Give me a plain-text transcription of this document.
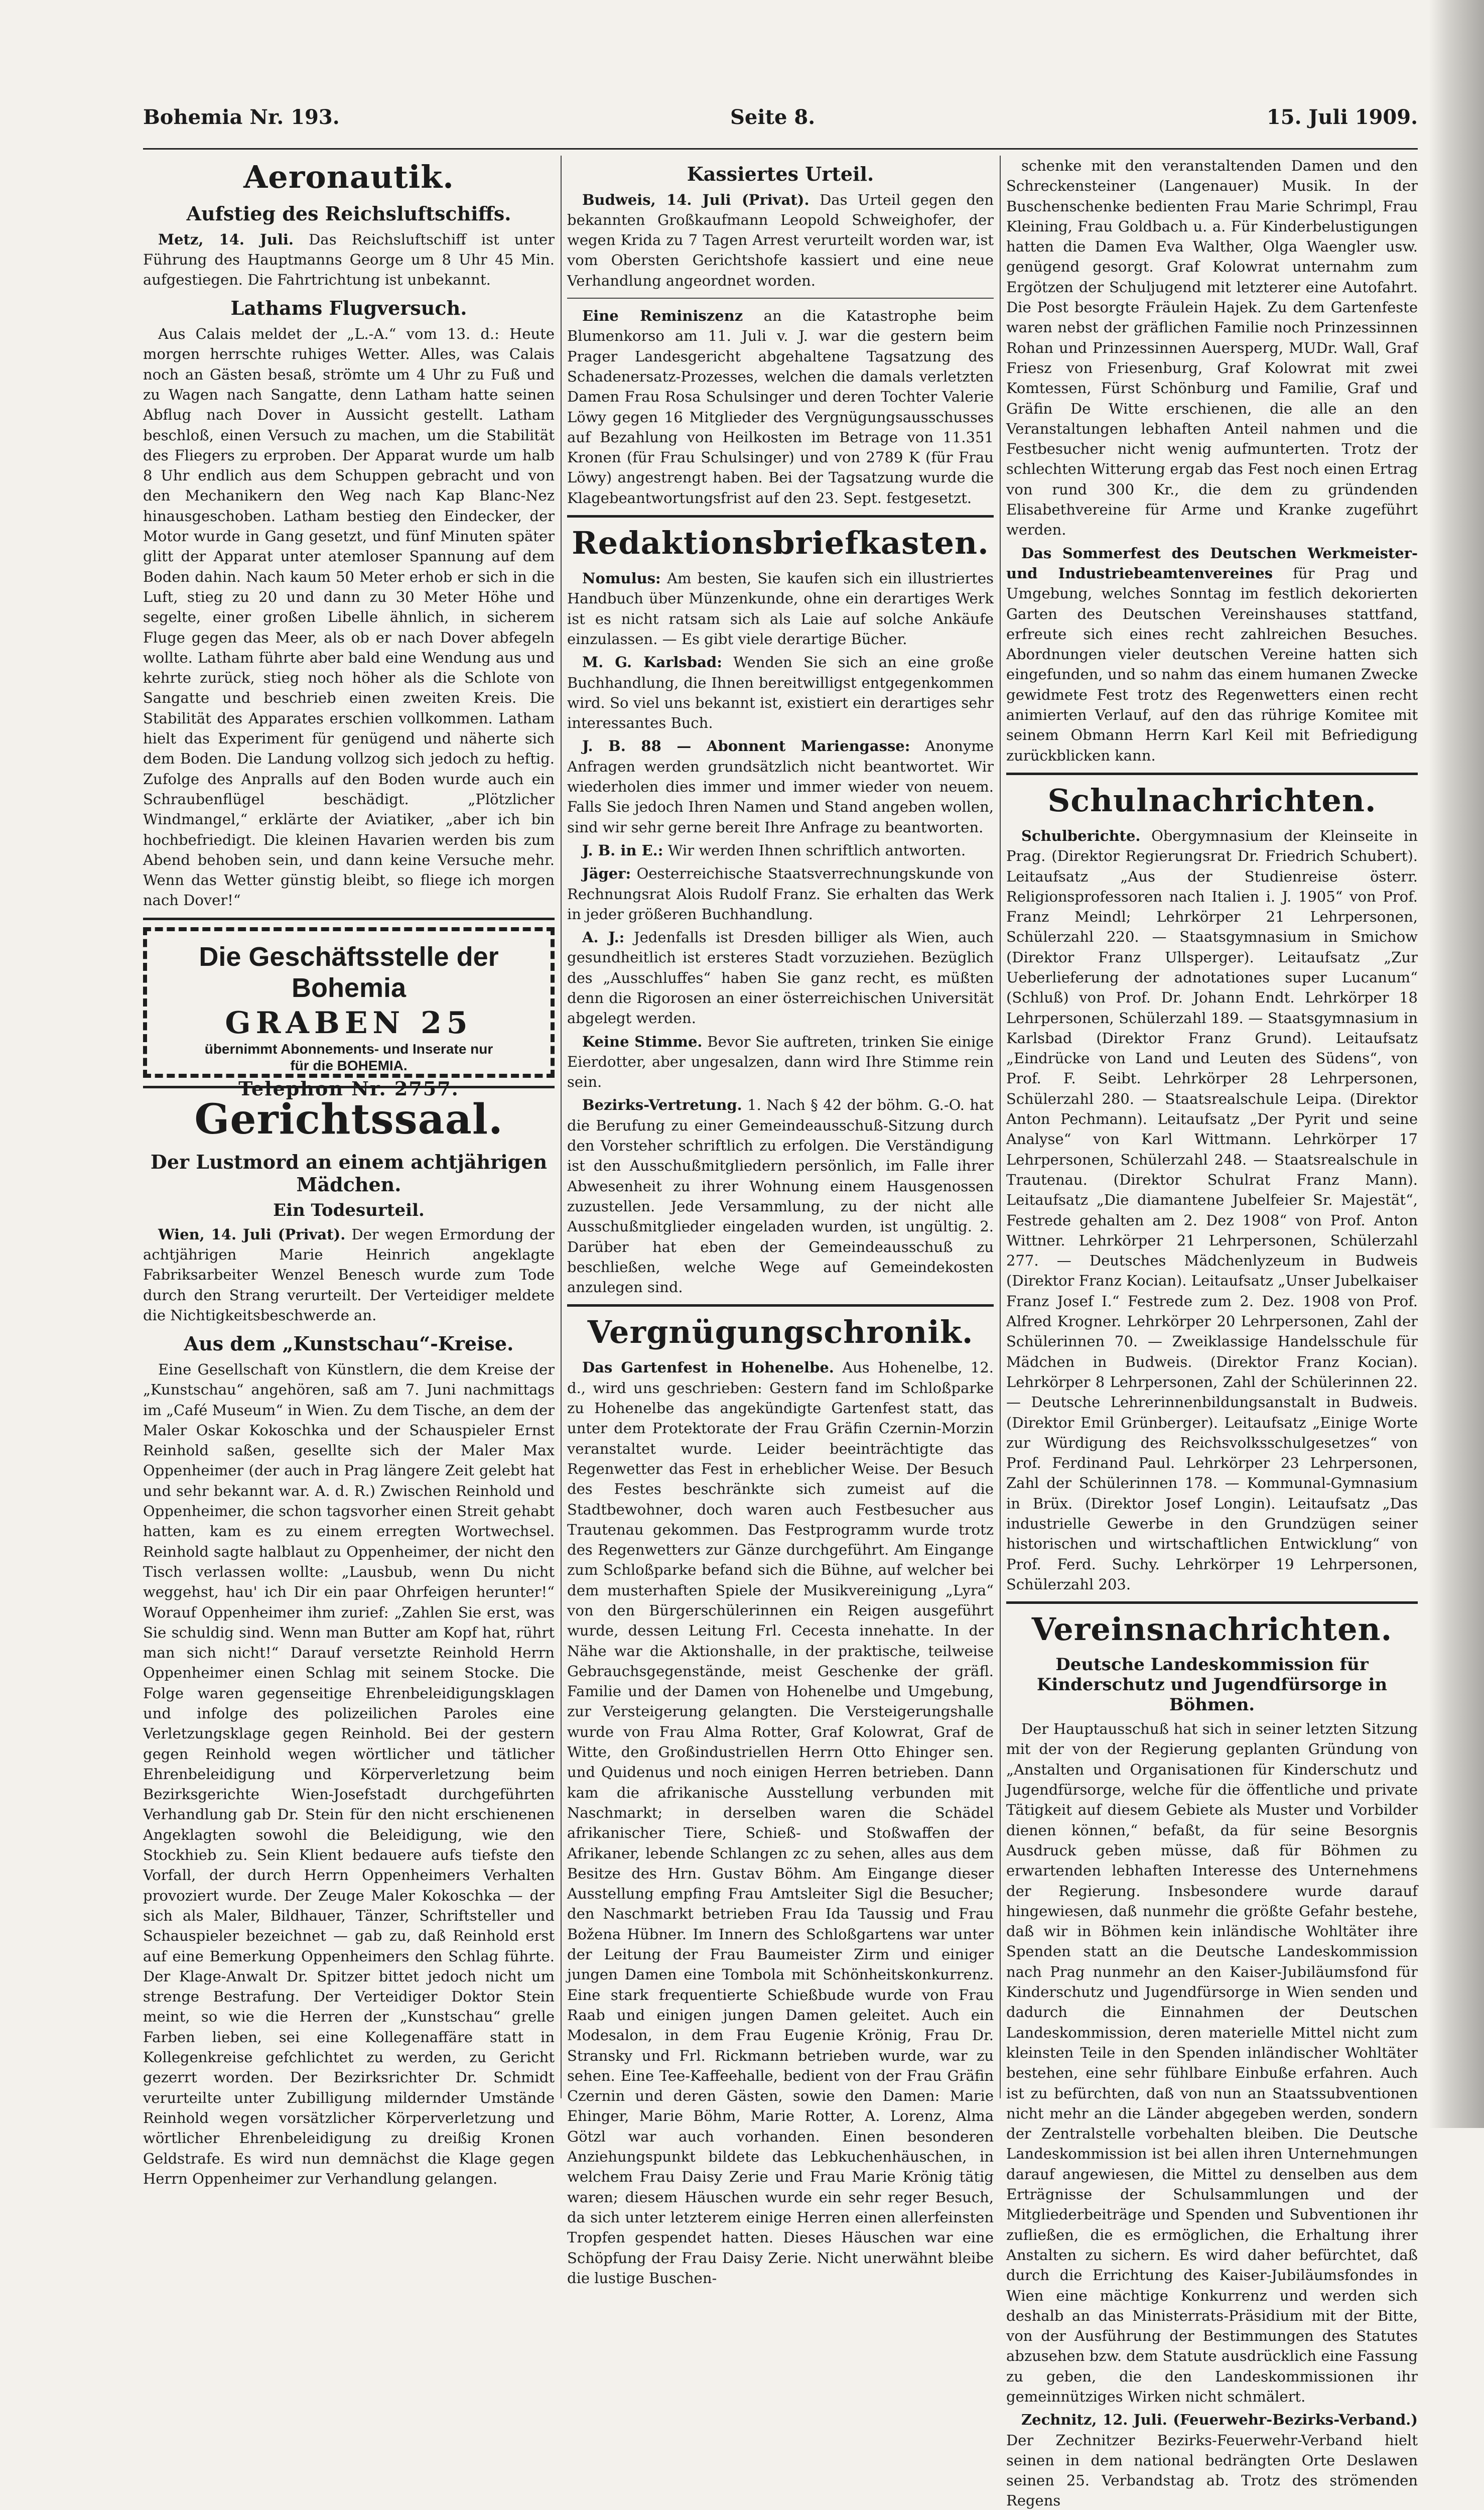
Bohemia Nr. 193.	Seite 8.	15. Juli 1909.
Aeronautik.
Aufstieg des Reichsluftschiffs.

Metz, 14. Juli. Das Reichsluftschiff ist unter Führung des Hauptmanns George um 8 Uhr 45 Min. aufgestiegen. Die Fahrtrichtung ist unbekannt.

Lathams Flugversuch.

Aus Calais meldet der „L.-A.“ vom 13. d.: Heute morgen herrschte ruhiges Wetter. Alles, was Calais noch an Gästen besaß, strömte um 4 Uhr zu Fuß und zu Wagen nach Sangatte, denn Latham hatte seinen Abflug nach Dover in Aussicht gestellt. Latham beschloß, einen Versuch zu machen, um die Stabilität des Fliegers zu erproben. Der Apparat wurde um halb 8 Uhr endlich aus dem Schuppen gebracht und von den Mechanikern den Weg nach Kap Blanc-Nez hinausgeschoben. Latham bestieg den Eindecker, der Motor wurde in Gang gesetzt, und fünf Minuten später glitt der Apparat unter atemloser Spannung auf dem Boden dahin. Nach kaum 50 Meter erhob er sich in die Luft, stieg zu 20 und dann zu 30 Meter Höhe und segelte, einer großen Libelle ähnlich, in sicherem Fluge gegen das Meer, als ob er nach Dover abfegeln wollte. Latham führte aber bald eine Wendung aus und kehrte zurück, stieg noch höher als die Schlote von Sangatte und beschrieb einen zweiten Kreis. Die Stabilität des Apparates erschien vollkommen. Latham hielt das Experiment für genügend und näherte sich dem Boden. Die Landung vollzog sich jedoch zu heftig. Zufolge des Anpralls auf den Boden wurde auch ein Schraubenflügel beschädigt. „Plötzlicher Windmangel,“ erklärte der Aviatiker, „aber ich bin hochbefriedigt. Die kleinen Havarien werden bis zum Abend behoben sein, und dann keine Versuche mehr. Wenn das Wetter günstig bleibt, so fliege ich morgen nach Dover!“

Die Geschäftsstelle der Bohemia
GRABEN 25
übernimmt Abonnements- und Inserate nur
für die BOHEMIA.
Telephon Nr. 2757.
Gerichtssaal.
Der Lustmord an einem achtjährigen Mädchen.
Ein Todesurteil.

Wien, 14. Juli (Privat). Der wegen Ermordung der achtjährigen Marie Heinrich angeklagte Fabriksarbeiter Wenzel Benesch wurde zum Tode durch den Strang verurteilt. Der Verteidiger meldete die Nichtigkeitsbeschwerde an.

Aus dem „Kunstschau“-Kreise.

Eine Gesellschaft von Künstlern, die dem Kreise der „Kunstschau“ angehören, saß am 7. Juni nachmittags im „Café Museum“ in Wien. Zu dem Tische, an dem der Maler Oskar Kokoschka und der Schauspieler Ernst Reinhold saßen, gesellte sich der Maler Max Oppenheimer (der auch in Prag längere Zeit gelebt hat und sehr bekannt war. A. d. R.) Zwischen Reinhold und Oppenheimer, die schon tagsvorher einen Streit gehabt hatten, kam es zu einem erregten Wortwechsel. Reinhold sagte halblaut zu Oppenheimer, der nicht den Tisch verlassen wollte: „Lausbub, wenn Du nicht weggehst, hau' ich Dir ein paar Ohrfeigen herunter!“ Worauf Oppenheimer ihm zurief: „Zahlen Sie erst, was Sie schuldig sind. Wenn man Butter am Kopf hat, rührt man sich nicht!“ Darauf versetzte Reinhold Herrn Oppenheimer einen Schlag mit seinem Stocke. Die Folge waren gegenseitige Ehrenbeleidigungsklagen und infolge des polizeilichen Paroles eine Verletzungsklage gegen Reinhold. Bei der gestern gegen Reinhold wegen wörtlicher und tätlicher Ehrenbeleidigung und Körperverletzung beim Bezirksgerichte Wien-Josefstadt durchgeführten Verhandlung gab Dr. Stein für den nicht erschienenen Angeklagten sowohl die Beleidigung, wie den Stockhieb zu. Sein Klient bedauere aufs tiefste den Vorfall, der durch Herrn Oppenheimers Verhalten provoziert wurde. Der Zeuge Maler Kokoschka — der sich als Maler, Bildhauer, Tänzer, Schriftsteller und Schauspieler bezeichnet — gab zu, daß Reinhold erst auf eine Bemerkung Oppenheimers den Schlag führte. Der Klage-Anwalt Dr. Spitzer bittet jedoch nicht um strenge Bestrafung. Der Verteidiger Doktor Stein meint, so wie die Herren der „Kunstschau“ grelle Farben lieben, sei eine Kollegenaffäre statt in Kollegenkreise gefchlichtet zu werden, zu Gericht gezerrt worden. Der Bezirksrichter Dr. Schmidt verurteilte unter Zubilligung mildernder Umstände Reinhold wegen vorsätzlicher Körperverletzung und wörtlicher Ehrenbeleidigung zu dreißig Kronen Geldstrafe. Es wird nun demnächst die Klage gegen Herrn Oppenheimer zur Verhandlung gelangen.

Kassiertes Urteil.

Budweis, 14. Juli (Privat). Das Urteil gegen den bekannten Großkaufmann Leopold Schweighofer, der wegen Krida zu 7 Tagen Arrest verurteilt worden war, ist vom Obersten Gerichtshofe kassiert und eine neue Verhandlung angeordnet worden.

Eine Reminiszenz an die Katastrophe beim Blumenkorso am 11. Juli v. J. war die gestern beim Prager Landesgericht abgehaltene Tagsatzung des Schadenersatz-Prozesses, welchen die damals verletzten Damen Frau Rosa Schulsinger und deren Tochter Valerie Löwy gegen 16 Mitglieder des Vergnügungsausschusses auf Bezahlung von Heilkosten im Betrage von 11.351 Kronen (für Frau Schulsinger) und von 2789 K (für Frau Löwy) angestrengt haben. Bei der Tagsatzung wurde die Klagebeantwortungsfrist auf den 23. Sept. festgesetzt.

Redaktionsbriefkasten.

Nomulus: Am besten, Sie kaufen sich ein illustriertes Handbuch über Münzenkunde, ohne ein derartiges Werk ist es nicht ratsam sich als Laie auf solche Ankäufe einzulassen. — Es gibt viele derartige Bücher.

M. G. Karlsbad: Wenden Sie sich an eine große Buchhandlung, die Ihnen bereitwilligst entgegenkommen wird. So viel uns bekannt ist, existiert ein derartiges sehr interessantes Buch.

J. B. 88 — Abonnent Mariengasse: Anonyme Anfragen werden grundsätzlich nicht beantwortet. Wir wiederholen dies immer und immer wieder von neuem. Falls Sie jedoch Ihren Namen und Stand angeben wollen, sind wir sehr gerne bereit Ihre Anfrage zu beantworten.

J. B. in E.: Wir werden Ihnen schriftlich antworten.

Jäger: Oesterreichische Staatsverrechnungskunde von Rechnungsrat Alois Rudolf Franz. Sie erhalten das Werk in jeder größeren Buchhandlung.

A. J.: Jedenfalls ist Dresden billiger als Wien, auch gesundheitlich ist ersteres Stadt vorzuziehen. Bezüglich des „Ausschluffes“ haben Sie ganz recht, es müßten denn die Rigorosen an einer österreichischen Universität abgelegt werden.

Keine Stimme. Bevor Sie auftreten, trinken Sie einige Eierdotter, aber ungesalzen, dann wird Ihre Stimme rein sein.

Bezirks-Vertretung. 1. Nach § 42 der böhm. G.-O. hat die Berufung zu einer Gemeindeausschuß-Sitzung durch den Vorsteher schriftlich zu erfolgen. Die Verständigung ist den Ausschußmitgliedern persönlich, im Falle ihrer Abwesenheit zu ihrer Wohnung einem Hausgenossen zuzustellen. Jede Versammlung, zu der nicht alle Ausschußmitglieder eingeladen wurden, ist ungültig. 2. Darüber hat eben der Gemeindeausschuß zu beschließen, welche Wege auf Gemeindekosten anzulegen sind.

Vergnügungschronik.

Das Gartenfest in Hohenelbe. Aus Hohenelbe, 12. d., wird uns geschrieben: Gestern fand im Schloßparke zu Hohenelbe das angekündigte Gartenfest statt, das unter dem Protektorate der Frau Gräfin Czernin-Morzin veranstaltet wurde. Leider beeinträchtigte das Regenwetter das Fest in erheblicher Weise. Der Besuch des Festes beschränkte sich zumeist auf die Stadtbewohner, doch waren auch Festbesucher aus Trautenau gekommen. Das Festprogramm wurde trotz des Regenwetters zur Gänze durchgeführt. Am Eingange zum Schloßparke befand sich die Bühne, auf welcher bei dem musterhaften Spiele der Musikvereinigung „Lyra“ von den Bürgerschülerinnen ein Reigen ausgeführt wurde, dessen Leitung Frl. Cecesta innehatte. In der Nähe war die Aktionshalle, in der praktische, teilweise Gebrauchsgegenstände, meist Geschenke der gräfl. Familie und der Damen von Hohenelbe und Umgebung, zur Versteigerung gelangten. Die Versteigerungshalle wurde von Frau Alma Rotter, Graf Kolowrat, Graf de Witte, den Großindustriellen Herrn Otto Ehinger sen. und Quidenus und noch einigen Herren betrieben. Dann kam die afrikanische Ausstellung verbunden mit Naschmarkt; in derselben waren die Schädel afrikanischer Tiere, Schieß- und Stoßwaffen der Afrikaner, lebende Schlangen zc zu sehen, alles aus dem Besitze des Hrn. Gustav Böhm. Am Eingange dieser Ausstellung empfing Frau Amtsleiter Sigl die Besucher; den Naschmarkt betrieben Frau Ida Taussig und Frau Božena Hübner. Im Innern des Schloßgartens war unter der Leitung der Frau Baumeister Zirm und einiger jungen Damen eine Tombola mit Schönheitskonkurrenz. Eine stark frequentierte Schießbude wurde von Frau Raab und einigen jungen Damen geleitet. Auch ein Modesalon, in dem Frau Eugenie Krönig, Frau Dr. Stransky und Frl. Rickmann betrieben wurde, war zu sehen. Eine Tee-Kaffeehalle, bedient von der Frau Gräfin Czernin und deren Gästen, sowie den Damen: Marie Ehinger, Marie Böhm, Marie Rotter, A. Lorenz, Alma Götzl war auch vorhanden. Einen besonderen Anziehungspunkt bildete das Lebkuchenhäuschen, in welchem Frau Daisy Zerie und Frau Marie Krönig tätig waren; diesem Häuschen wurde ein sehr reger Besuch, da sich unter letzterem einige Herren einen allerfeinsten Tropfen gespendet hatten. Dieses Häuschen war eine Schöpfung der Frau Daisy Zerie. Nicht unerwähnt bleibe die lustige Buschen-

schenke mit den veranstaltenden Damen und den Schreckensteiner (Langenauer) Musik. In der Buschenschenke bedienten Frau Marie Schrimpl, Frau Kleining, Frau Goldbach u. a. Für Kinderbelustigungen hatten die Damen Eva Walther, Olga Waengler usw. genügend gesorgt. Graf Kolowrat unternahm zum Ergötzen der Schuljugend mit letzterer eine Autofahrt. Die Post besorgte Fräulein Hajek. Zu dem Gartenfeste waren nebst der gräflichen Familie noch Prinzessinnen Rohan und Prinzessinnen Auersperg, MUDr. Wall, Graf Friesz von Friesenburg, Graf Kolowrat mit zwei Komtessen, Fürst Schönburg und Familie, Graf und Gräfin De Witte erschienen, die alle an den Veranstaltungen lebhaften Anteil nahmen und die Festbesucher nicht wenig aufmunterten. Trotz der schlechten Witterung ergab das Fest noch einen Ertrag von rund 300 Kr., die dem zu gründenden Elisabethvereine für Arme und Kranke zugeführt werden.

Das Sommerfest des Deutschen Werkmeister- und Industriebeamtenvereines für Prag und Umgebung, welches Sonntag im festlich dekorierten Garten des Deutschen Vereinshauses stattfand, erfreute sich eines recht zahlreichen Besuches. Abordnungen vieler deutschen Vereine hatten sich eingefunden, und so nahm das einem humanen Zwecke gewidmete Fest trotz des Regenwetters einen recht animierten Verlauf, auf den das rührige Komitee mit seinem Obmann Herrn Karl Keil mit Befriedigung zurückblicken kann.

Schulnachrichten.

Schulberichte. Obergymnasium der Kleinseite in Prag. (Direktor Regierungsrat Dr. Friedrich Schubert). Leitaufsatz „Aus der Studienreise österr. Religionsprofessoren nach Italien i. J. 1905“ von Prof. Franz Meindl; Lehrkörper 21 Lehrpersonen, Schülerzahl 220. — Staatsgymnasium in Smichow (Direktor Franz Ullsperger). Leitaufsatz „Zur Ueberlieferung der adnotationes super Lucanum“ (Schluß) von Prof. Dr. Johann Endt. Lehrkörper 18 Lehrpersonen, Schülerzahl 189. — Staatsgymnasium in Karlsbad (Direktor Franz Grund). Leitaufsatz „Eindrücke von Land und Leuten des Südens“, von Prof. F. Seibt. Lehrkörper 28 Lehrpersonen, Schülerzahl 280. — Staatsrealschule Leipa. (Direktor Anton Pechmann). Leitaufsatz „Der Pyrit und seine Analyse“ von Karl Wittmann. Lehrkörper 17 Lehrpersonen, Schülerzahl 248. — Staatsrealschule in Trautenau. (Direktor Schulrat Franz Mann). Leitaufsatz „Die diamantene Jubelfeier Sr. Majestät“, Festrede gehalten am 2. Dez 1908“ von Prof. Anton Wittner. Lehrkörper 21 Lehrpersonen, Schülerzahl 277. — Deutsches Mädchenlyzeum in Budweis (Direktor Franz Kocian). Leitaufsatz „Unser Jubelkaiser Franz Josef I.“ Festrede zum 2. Dez. 1908 von Prof. Alfred Krogner. Lehrkörper 20 Lehrpersonen, Zahl der Schülerinnen 70. — Zweiklassige Handelsschule für Mädchen in Budweis. (Direktor Franz Kocian). Lehrkörper 8 Lehrpersonen, Zahl der Schülerinnen 22. — Deutsche Lehrerinnenbildungsanstalt in Budweis. (Direktor Emil Grünberger). Leitaufsatz „Einige Worte zur Würdigung des Reichsvolksschulgesetzes“ von Prof. Ferdinand Paul. Lehrkörper 23 Lehrpersonen, Zahl der Schülerinnen 178. — Kommunal-Gymnasium in Brüx. (Direktor Josef Longin). Leitaufsatz „Das industrielle Gewerbe in den Grundzügen seiner historischen und wirtschaftlichen Entwicklung“ von Prof. Ferd. Suchy. Lehrkörper 19 Lehrpersonen, Schülerzahl 203.

Vereinsnachrichten.
Deutsche Landeskommission für Kinderschutz und Jugendfürsorge in Böhmen.

Der Hauptausschuß hat sich in seiner letzten Sitzung mit der von der Regierung geplanten Gründung von „Anstalten und Organisationen für Kinderschutz und Jugendfürsorge, welche für die öffentliche und private Tätigkeit auf diesem Gebiete als Muster und Vorbilder dienen können,“ befaßt, da für seine Besorgnis Ausdruck geben müsse, daß für Böhmen zu erwartenden lebhaften Interesse des Unternehmens der Regierung. Insbesondere wurde darauf hingewiesen, daß nunmehr die größte Gefahr bestehe, daß wir in Böhmen kein inländische Wohltäter ihre Spenden statt an die Deutsche Landeskommission nach Prag nunmehr an den Kaiser-Jubiläumsfond für Kinderschutz und Jugendfürsorge in Wien senden und dadurch die Einnahmen der Deutschen Landeskommission, deren materielle Mittel nicht zum kleinsten Teile in den Spenden inländischer Wohltäter bestehen, eine sehr fühlbare Einbuße erfahren. Auch ist zu befürchten, daß von nun an Staatssubventionen nicht mehr an die Länder abgegeben werden, sondern der Zentralstelle vorbehalten bleiben. Die Deutsche Landeskommission ist bei allen ihren Unternehmungen darauf angewiesen, die Mittel zu denselben aus dem Erträgnisse der Schulsammlungen und der Mitgliederbeiträge und Spenden und Subventionen ihr zufließen, die es ermöglichen, die Erhaltung ihrer Anstalten zu sichern. Es wird daher befürchtet, daß durch die Errichtung des Kaiser-Jubiläumsfondes in Wien eine mächtige Konkurrenz und werden sich deshalb an das Ministerrats-Präsidium mit der Bitte, von der Ausführung der Bestimmungen des Statutes abzusehen bzw. dem Statute ausdrücklich eine Fassung zu geben, die den Landeskommissionen ihr gemeinnütziges Wirken nicht schmälert.

Zechnitz, 12. Juli. (Feuerwehr-Bezirks-Verband.) Der Zechnitzer Bezirks-Feuerwehr-Verband hielt seinen in dem national bedrängten Orte Deslawen seinen 25. Verbandstag ab. Trotz des strömenden Regens
